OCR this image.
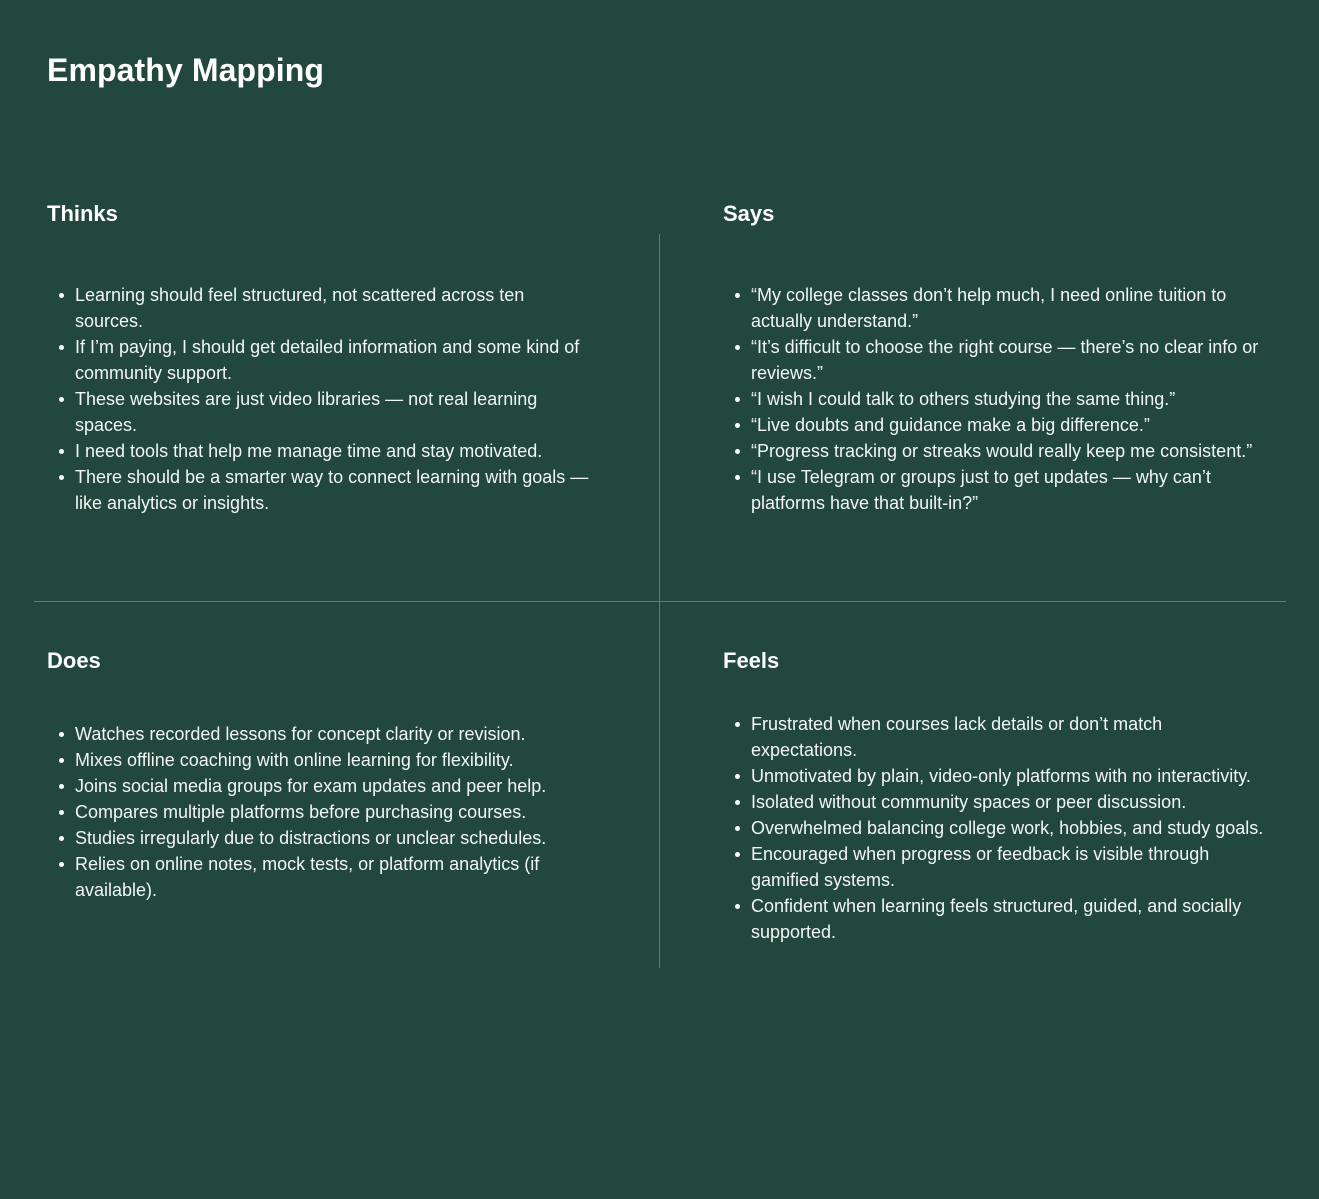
Empathy Mapping
Thinks
Learning should feel structured, not scattered across ten sources.
If I’m paying, I should get detailed information and some kind of community support.
These websites are just video libraries — not real learning spaces.
I need tools that help me manage time and stay motivated.
There should be a smarter way to connect learning with goals — like analytics or insights.
Says
“My college classes don’t help much, I need online tuition to actually understand.”
“It’s difficult to choose the right course — there’s no clear info or reviews.”
“I wish I could talk to others studying the same thing.”
“Live doubts and guidance make a big difference.”
“Progress tracking or streaks would really keep me consistent.”
“I use Telegram or groups just to get updates — why can’t platforms have that built-in?”
Does
Watches recorded lessons for concept clarity or revision.
Mixes offline coaching with online learning for flexibility.
Joins social media groups for exam updates and peer help.
Compares multiple platforms before purchasing courses.
Studies irregularly due to distractions or unclear schedules.
Relies on online notes, mock tests, or platform analytics (if available).
Feels
Frustrated when courses lack details or don’t match expectations.
Unmotivated by plain, video-only platforms with no interactivity.
Isolated without community spaces or peer discussion.
Overwhelmed balancing college work, hobbies, and study goals.
Encouraged when progress or feedback is visible through gamified systems.
Confident when learning feels structured, guided, and socially supported.
